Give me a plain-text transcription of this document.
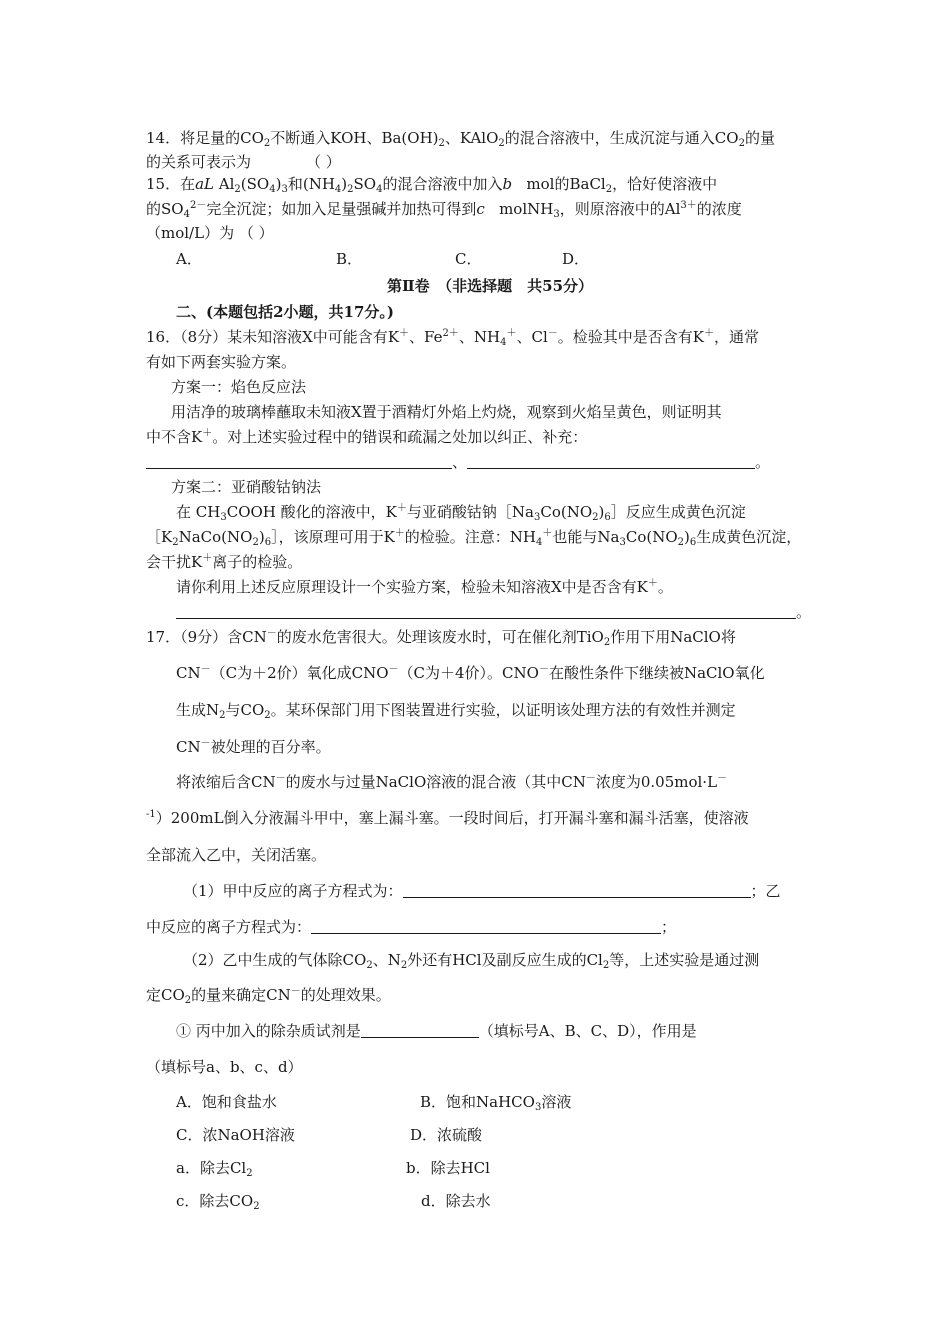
14．将足量的$CO_2$不断通入KOH、$Ba(OH)_2$、KAlO$_2$的混合溶液中，生成沉淀与通入$CO_2$的量
的关系可表示为	（ ）
15．在aL $Al_2(SO_4)_3$和$(NH_4)_2SO_4$的混合溶液中加入b mol的BaCl$_2$，恰好使溶液中
的$SO_4^{2-}$完全沉淀；如加入足量强碱并加热可得到c molNH$_3$，则原溶液中的$Al^{3+}$的浓度
（mol/L）为 （ ）
A．	B．	C．	D．
第Ⅱ卷　（非选择题　共55分）
二、(本题包括2小题，共17分。)
16．（8分）某未知溶液X中可能含有K＋、$Fe^{2+}$、$NH_4^+$、Cl－。检验其中是否含有K＋，通常
有如下两套实验方案。
方案一：焰色反应法
用洁净的玻璃棒蘸取未知液X置于酒精灯外焰上灼烧，观察到火焰呈黄色，则证明其
中不含K＋。对上述实验过程中的错误和疏漏之处加以纠正、补充：
、	。
方案二：亚硝酸钴钠法
在 $CH_3COOH$ 酸化的溶液中，K＋与亚硝酸钴钠$[Na_3Co(NO_2)_6]$反应生成黄色沉淀
$[K_2NaCo(NO_2)_6]$，该原理可用于K＋的检验。注意：$NH_4^+$也能与$Na_3Co(NO_2)_6$生成黄色沉淀，
会干扰K＋离子的检验。
请你利用上述反应原理设计一个实验方案，检验未知溶液X中是否含有K＋。
。
17．（9分）含CN－的废水危害很大。处理该废水时，可在催化剂TiO$_2$作用下用NaClO将
CN－（C为＋2价）氧化成CNO－（C为＋4价）。CNO－在酸性条件下继续被NaClO氧化
生成$N_2$与$CO_2$。某环保部门用下图装置进行实验，以证明该处理方法的有效性并测定
CN－被处理的百分率。
将浓缩后含CN－的废水与过量NaClO溶液的混合液（其中CN－浓度为0.05mol·L－
$^{-1}$）200mL倒入分液漏斗甲中，塞上漏斗塞。一段时间后，打开漏斗塞和漏斗活塞，使溶液
全部流入乙中，关闭活塞。
（1）甲中反应的离子方程式为：	；乙
中反应的离子方程式为：	；
（2）乙中生成的气体除$CO_2$、$N_2$外还有HCl及副反应生成的$Cl_2$等，上述实验是通过测
定$CO_2$的量来确定CN－的处理效果。
① 丙中加入的除杂质试剂是	（填标号A、B、C、D），作用是
（填标号a、b、c、d）
A．饱和食盐水	B．饱和NaHCO$_3$溶液
C．浓NaOH溶液	D．浓硫酸
a．除去$Cl_2$	b．除去HCl
c．除去$CO_2$	d．除去水
